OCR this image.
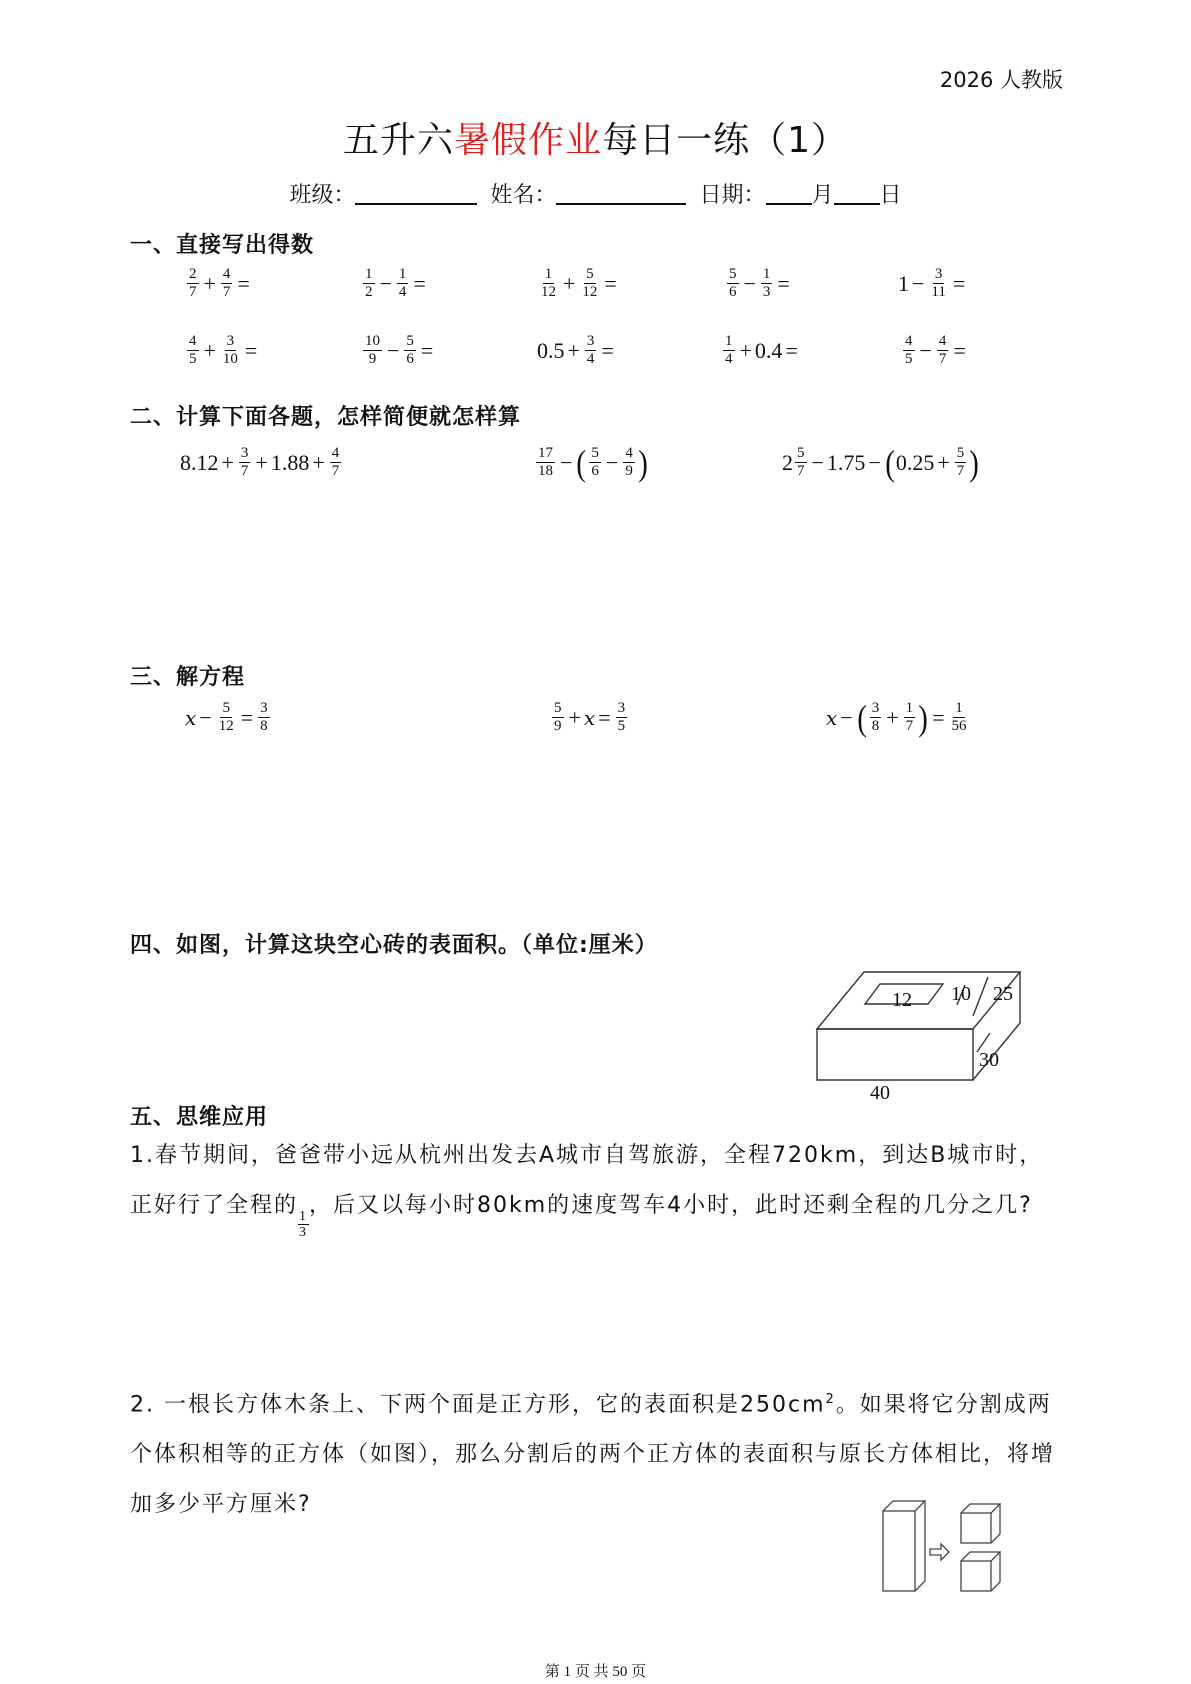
2026 人教版
五升六暑假作业每日一练（1）
班级：	姓名：	日期： 月 日
一、直接写出得数
$\frac{2}{7} + \frac{4}{7}$ =	$\frac{1}{2} - \frac{1}{4}$ =	$\frac{1}{12} + \frac{5}{12}$ =	$\frac{5}{6} - \frac{1}{3}$ =	$1 - \frac{3}{11}$ =
$\frac{4}{5} + \frac{3}{10}$ =	$\frac{10}{9} - \frac{5}{6}$ =	$0.5 + \frac{3}{4}$ =	$\frac{1}{4} + 0.4$ =	$\frac{4}{5} - \frac{4}{7}$ =
二、计算下面各题，怎样简便就怎样算
$8.12 + \frac{3}{7} + 1.88 + \frac{4}{7}$	$\frac{17}{18}$ − ( $\frac{5}{6} - \frac{4}{9}$ )	$2 \frac{5}{7} - 1.75$ − ( $0.25 + \frac{5}{7}$ )
三、解方程
$x - \frac{5}{12} = \frac{3}{8}$	$\frac{5}{9} + x = \frac{3}{5}$	x − ( $\frac{3}{8} + \frac{1}{7}$ ) = $\frac{1}{56}$
四、如图，计算这块空心砖的表面积。（单位:厘米）
12 10 25
30
40
五、思维应用
1.春节期间，爸爸带小远从杭州出发去A城市自驾旅游，全程720km，到达B城市时，正好行了全程的
$\frac{1}{3}$
，后又以每小时80km的速度驾车4小时，此时还剩全程的几分之几?
2. 一根长方体木条上、下两个面是正方形，它的表面积是$250cm^2$。如果将它分割成两个体积相等的正方体（如图），那么分割后的两个正方体的表面积与原长方体相比，将增加多少平方厘米?
第 1 页 共 50 页
